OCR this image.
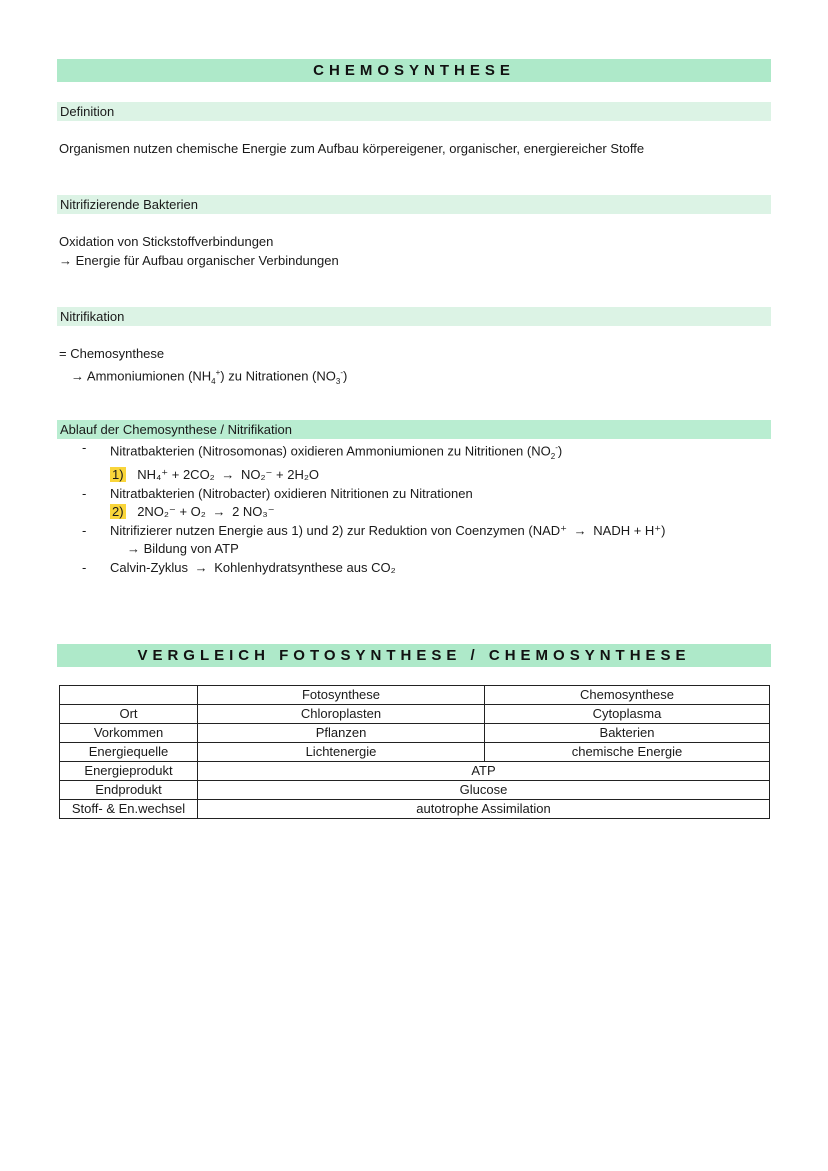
CHEMOSYNTHESE
Definition
Organismen nutzen chemische Energie zum Aufbau körpereigener, organischer, energiereicher Stoffe
Nitrifizierende Bakterien
Oxidation von Stickstoffverbindungen
→ Energie für Aufbau organischer Verbindungen
Nitrifikation
= Chemosynthese
→ Ammoniumionen $(NH_4^+)$ zu Nitrationen $(NO_3^-)$
Ablauf der Chemosynthese / Nitrifikation
- Nitratbakterien (Nitrosomonas) oxidieren Ammoniumionen zu Nitritionen $(NO_2^-)$
1) NH₄⁺ + 2CO₂ → NO₂⁻ + 2H₂O
- Nitratbakterien (Nitrobacter) oxidieren Nitritionen zu Nitrationen
2) 2NO₂⁻ + O₂ → 2 NO₃⁻
- Nitrifizierer nutzen Energie aus 1) und 2) zur Reduktion von Coenzymen (NAD⁺ → NADH + H⁺)
→ Bildung von ATP
- Calvin-Zyklus → Kohlenhydratsynthese aus CO₂
VERGLEICH FOTOSYNTHESE / CHEMOSYNTHESE
	Fotosynthese	Chemosynthese
Ort	Chloroplasten	Cytoplasma
Vorkommen	Pflanzen	Bakterien
Energiequelle	Lichtenergie	chemische Energie
Energieprodukt	ATP	
Endprodukt	Glucose	
Stoff- & En.wechsel	autotrophe Assimilation	
